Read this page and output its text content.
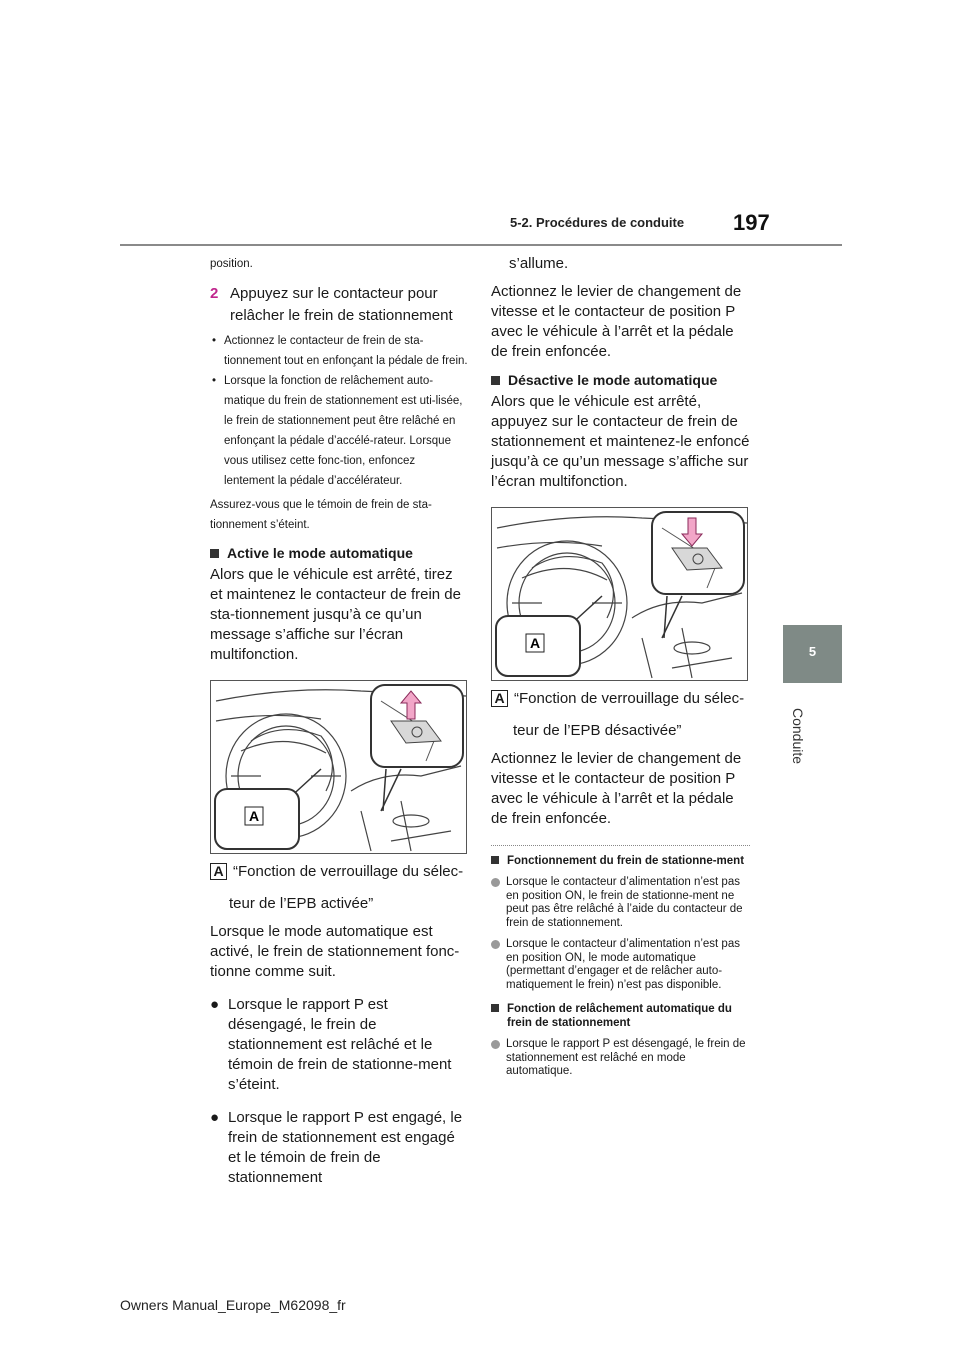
5-2. Procédures de conduite 197
5
Conduite
position.
2 Appuyez sur le contacteur pour
relâcher le frein de stationnement
• Actionnez le contacteur de frein de sta-tionnement tout en enfonçant la pédale de frein.
• Lorsque la fonction de relâchement auto-matique du frein de stationnement est uti-lisée, le frein de stationnement peut être relâché en enfonçant la pédale d’accélé-rateur. Lorsque vous utilisez cette fonc-tion, enfoncez lentement la pédale d’accélérateur.
Assurez-vous que le témoin de frein de sta-tionnement s’éteint.
Active le mode automatique
Alors que le véhicule est arrêté, tirez et maintenez le contacteur de frein de sta-tionnement jusqu’à ce qu’un message s’affiche sur l’écran multifonction.
A
A “Fonction de verrouillage du sélec-
teur de l’EPB activée”
Lorsque le mode automatique est activé, le frein de stationnement fonc-tionne comme suit.
● Lorsque le rapport P est désengagé, le frein de stationnement est relâché et le témoin de frein de stationne-ment s’éteint.
● Lorsque le rapport P est engagé, le frein de stationnement est engagé et le témoin de frein de stationnement
s’allume.
Actionnez le levier de changement de vitesse et le contacteur de position P avec le véhicule à l’arrêt et la pédale de frein enfoncée.
Désactive le mode automatique
Alors que le véhicule est arrêté, appuyez sur le contacteur de frein de stationnement et maintenez-le enfoncé jusqu’à ce qu’un message s’affiche sur l’écran multifonction.
A
A “Fonction de verrouillage du sélec-
teur de l’EPB désactivée”
Actionnez le levier de changement de vitesse et le contacteur de position P avec le véhicule à l’arrêt et la pédale de frein enfoncée.
Fonctionnement du frein de stationne-ment
Lorsque le contacteur d’alimentation n’est pas en position ON, le frein de stationne-ment ne peut pas être relâché à l’aide du contacteur de frein de stationnement.
Lorsque le contacteur d’alimentation n’est pas en position ON, le mode automatique (permettant d’engager et de relâcher auto-matiquement le frein) n’est pas disponible.
Fonction de relâchement automatique du frein de stationnement
Lorsque le rapport P est désengagé, le frein de stationnement est relâché en mode automatique.
Owners Manual_Europe_M62098_fr
